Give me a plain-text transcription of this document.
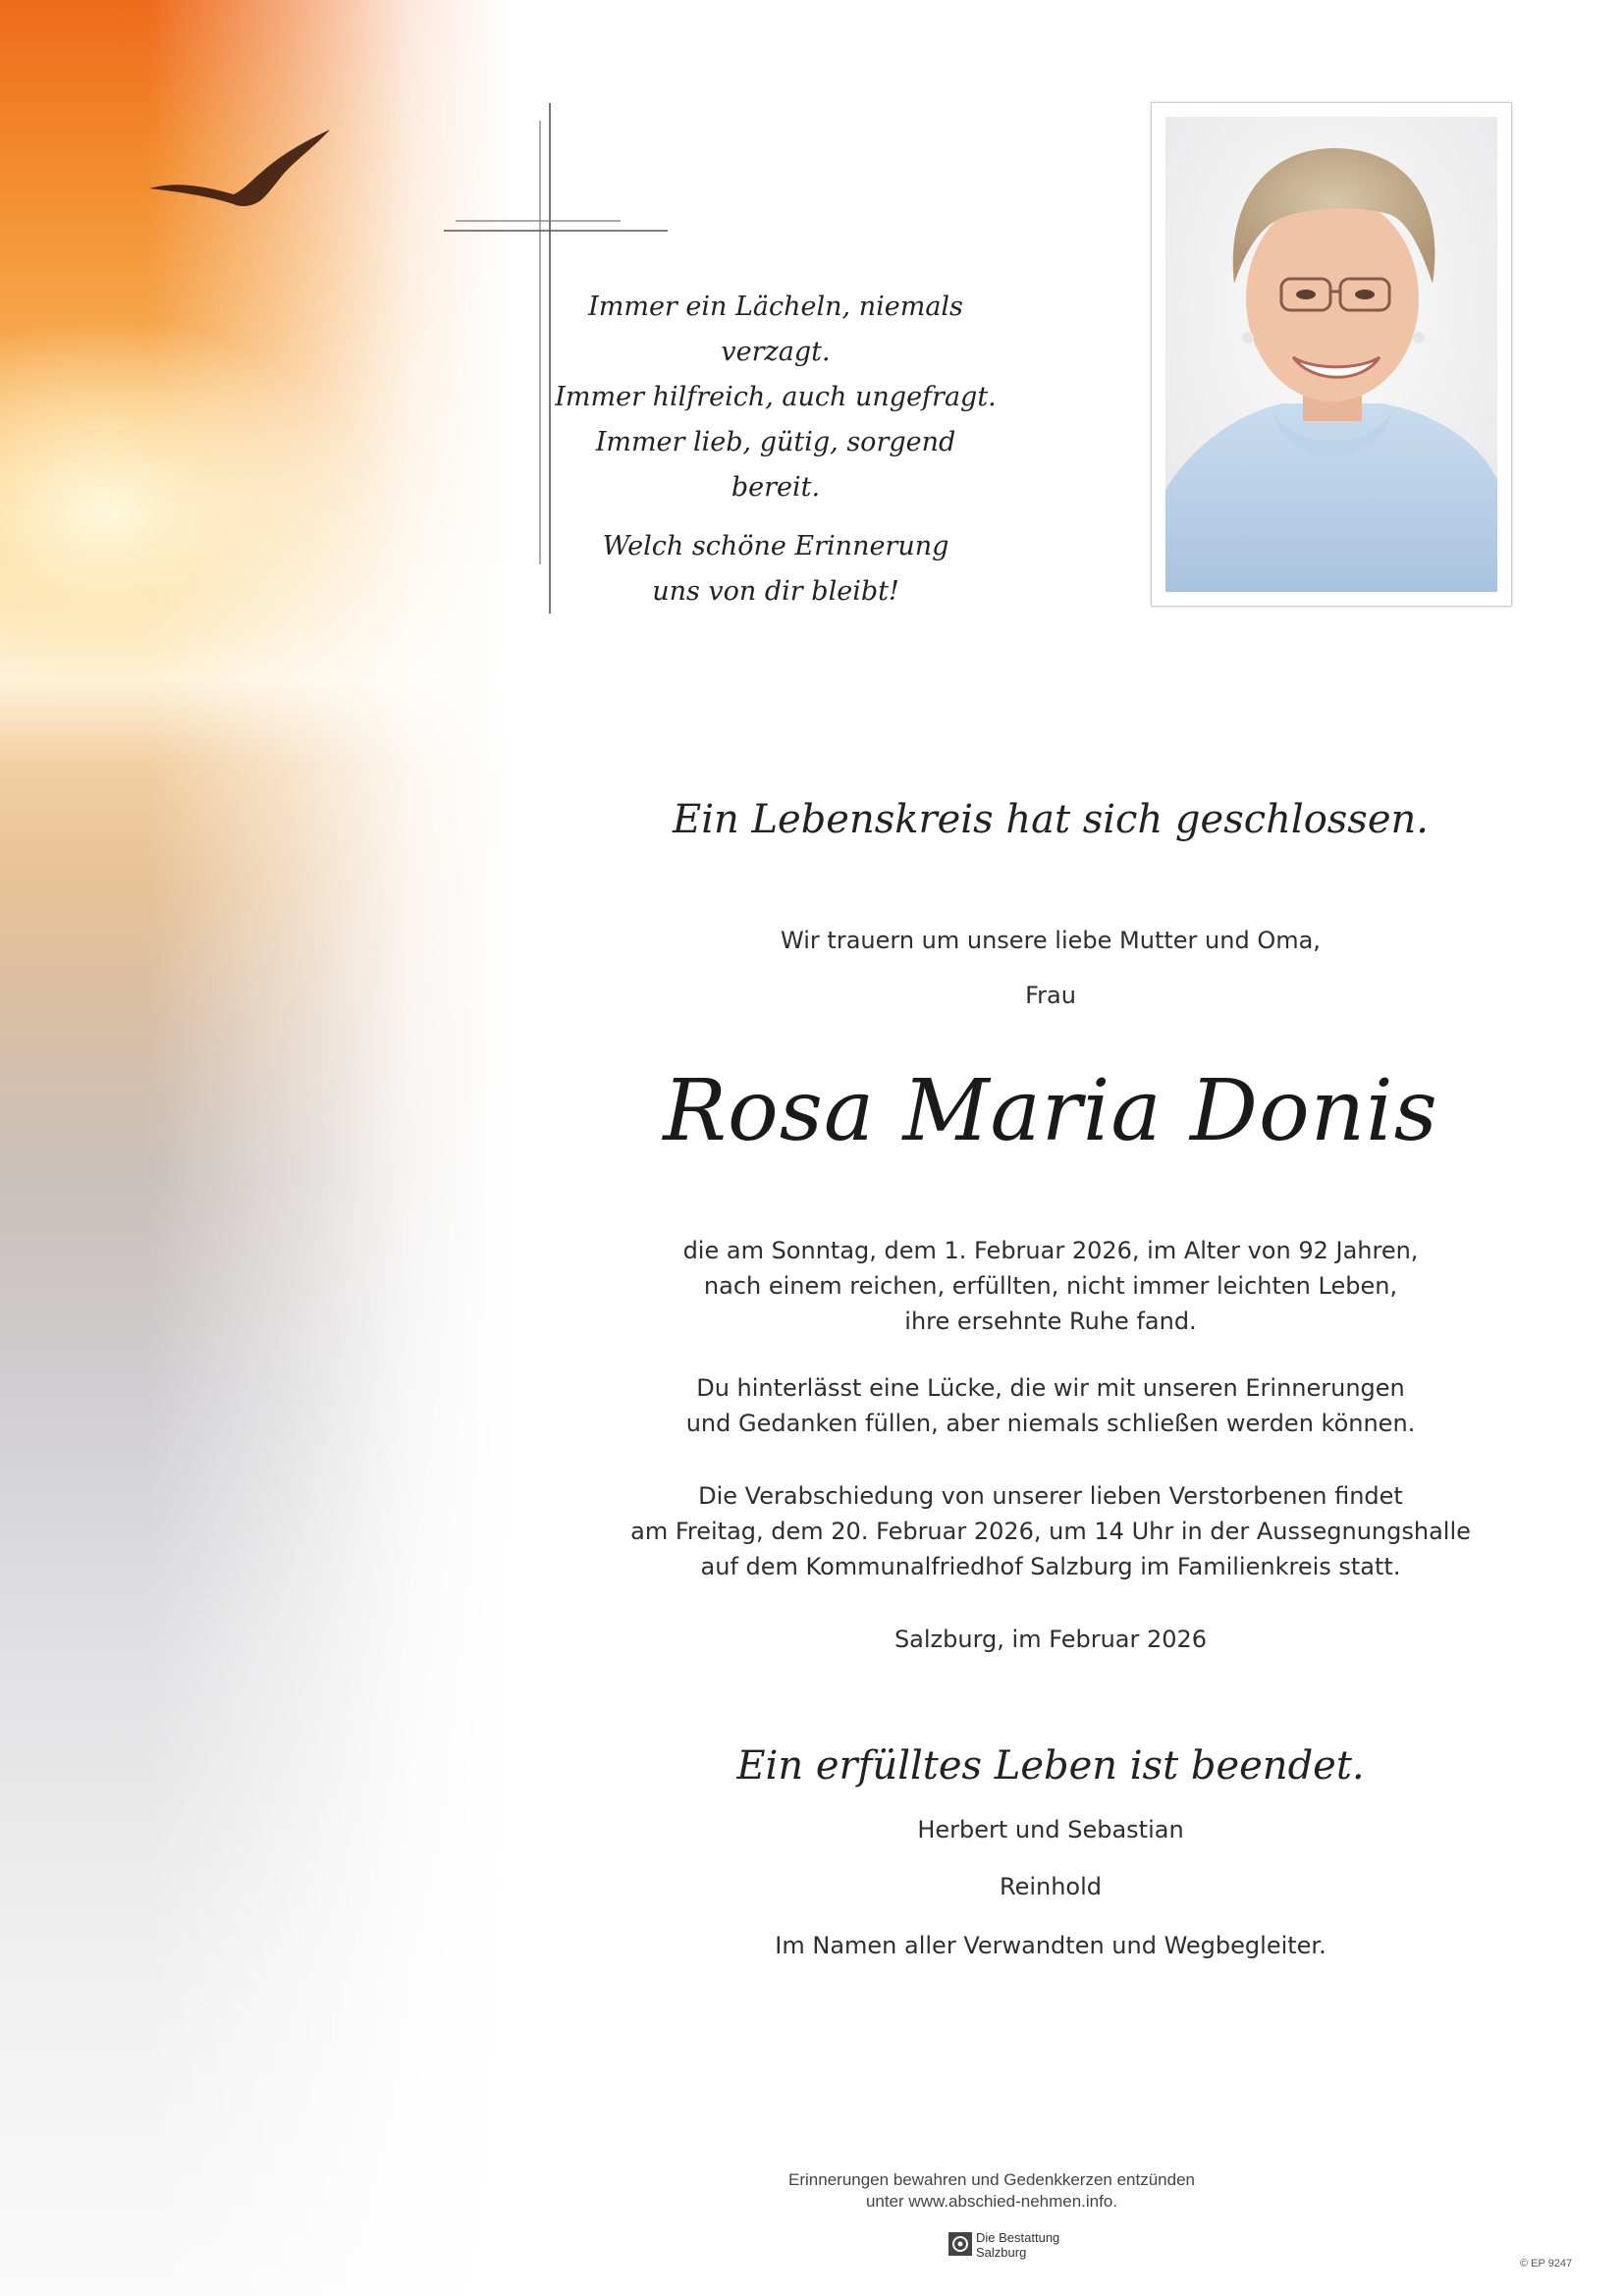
Immer ein Lächeln, niemals verzagt.
Immer hilfreich, auch ungefragt.
Immer lieb, gütig, sorgend bereit.
Welch schöne Erinnerung
uns von dir bleibt!
Ein Lebenskreis hat sich geschlossen.
Wir trauern um unsere liebe Mutter und Oma,
Frau
Rosa Maria Donis
die am Sonntag, dem 1. Februar 2026, im Alter von 92 Jahren,
nach einem reichen, erfüllten, nicht immer leichten Leben,
ihre ersehnte Ruhe fand.
Du hinterlässt eine Lücke, die wir mit unseren Erinnerungen
und Gedanken füllen, aber niemals schließen werden können.
Die Verabschiedung von unserer lieben Verstorbenen findet
am Freitag, dem 20. Februar 2026, um 14 Uhr in der Aussegnungshalle
auf dem Kommunalfriedhof Salzburg im Familienkreis statt.
Salzburg, im Februar 2026
Ein erfülltes Leben ist beendet.
Herbert und Sebastian
Reinhold
Im Namen aller Verwandten und Wegbegleiter.
Erinnerungen bewahren und Gedenkkerzen entzünden
unter www.abschied-nehmen.info.
Die Bestattung
Salzburg
© EP 9247
